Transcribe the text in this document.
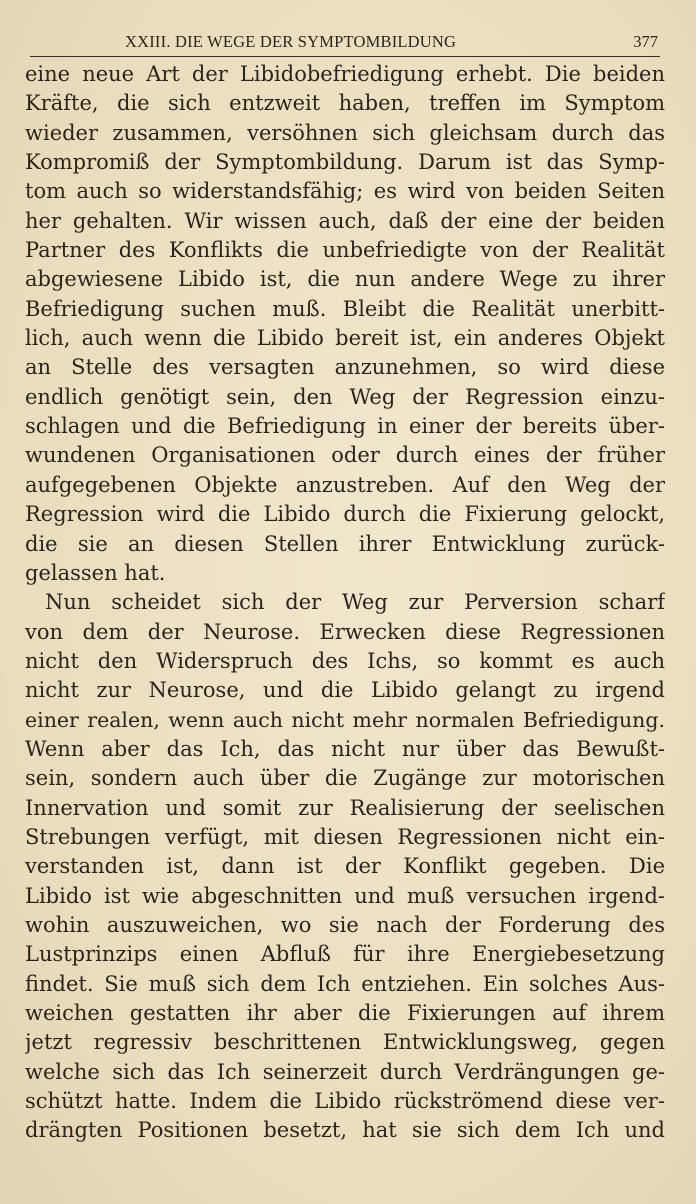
XXIII. DIE WEGE DER SYMPTOMBILDUNG	377
eine neue Art der Libidobefriedigung erhebt. Die beiden
Kräfte, die sich entzweit haben, treffen im Symptom
wieder zusammen, versöhnen sich gleichsam durch das
Kompromiß der Symptombildung. Darum ist das Symp-
tom auch so widerstandsfähig; es wird von beiden Seiten
her gehalten. Wir wissen auch, daß der eine der beiden
Partner des Konflikts die unbefriedigte von der Realität
abgewiesene Libido ist, die nun andere Wege zu ihrer
Befriedigung suchen muß. Bleibt die Realität unerbitt-
lich, auch wenn die Libido bereit ist, ein anderes Objekt
an Stelle des versagten anzunehmen, so wird diese
endlich genötigt sein, den Weg der Regression einzu-
schlagen und die Befriedigung in einer der bereits über-
wundenen Organisationen oder durch eines der früher
aufgegebenen Objekte anzustreben. Auf den Weg der
Regression wird die Libido durch die Fixierung gelockt,
die sie an diesen Stellen ihrer Entwicklung zurück-
gelassen hat.
Nun scheidet sich der Weg zur Perversion scharf
von dem der Neurose. Erwecken diese Regressionen
nicht den Widerspruch des Ichs, so kommt es auch
nicht zur Neurose, und die Libido gelangt zu irgend
einer realen, wenn auch nicht mehr normalen Befriedigung.
Wenn aber das Ich, das nicht nur über das Bewußt-
sein, sondern auch über die Zugänge zur motorischen
Innervation und somit zur Realisierung der seelischen
Strebungen verfügt, mit diesen Regressionen nicht ein-
verstanden ist, dann ist der Konflikt gegeben. Die
Libido ist wie abgeschnitten und muß versuchen irgend-
wohin auszuweichen, wo sie nach der Forderung des
Lustprinzips einen Abfluß für ihre Energiebesetzung
findet. Sie muß sich dem Ich entziehen. Ein solches Aus-
weichen gestatten ihr aber die Fixierungen auf ihrem
jetzt regressiv beschrittenen Entwicklungsweg, gegen
welche sich das Ich seinerzeit durch Verdrängungen ge-
schützt hatte. Indem die Libido rückströmend diese ver-
drängten Positionen besetzt, hat sie sich dem Ich und
